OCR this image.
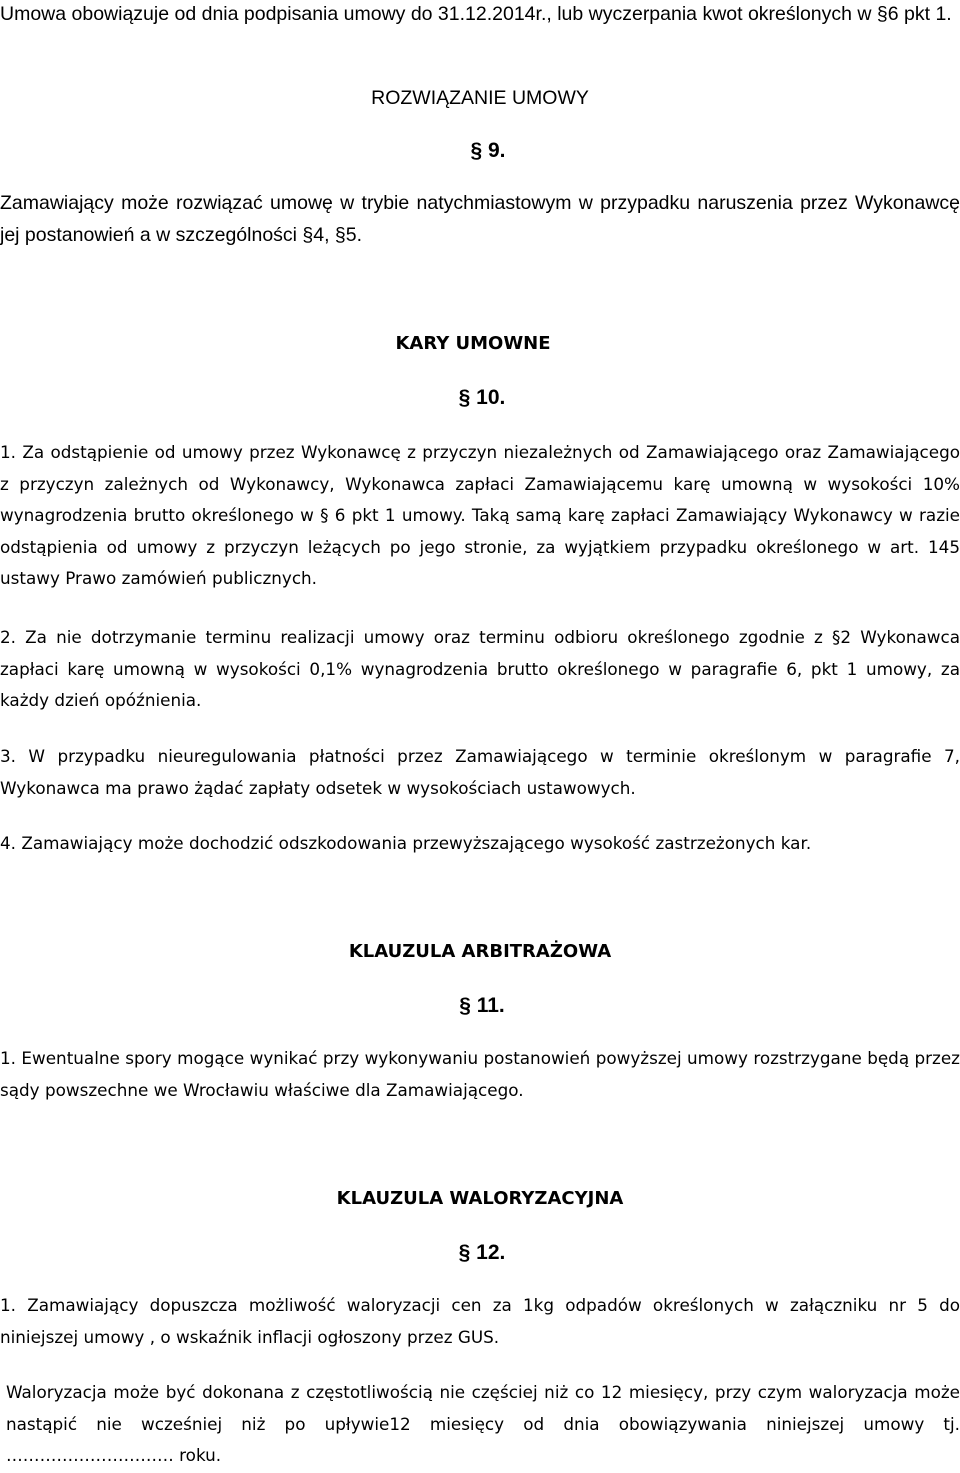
Umowa obowiązuje od dnia podpisania umowy do 31.12.2014r., lub wyczerpania kwot określonych w §6 pkt 1.

ROZWIĄZANIE UMOWY

§ 9.

Zamawiający może rozwiązać umowę w trybie natychmiastowym w przypadku naruszenia przez Wykonawcę jej postanowień a w szczególności §4, §5.

KARY UMOWNE

§ 10.

1. Za odstąpienie od umowy przez Wykonawcę z przyczyn niezależnych od Zamawiającego oraz Zamawiającego z przyczyn zależnych od Wykonawcy, Wykonawca zapłaci Zamawiającemu karę umowną w wysokości 10% wynagrodzenia brutto określonego w § 6 pkt 1 umowy. Taką samą karę zapłaci Zamawiający Wykonawcy w razie odstąpienia od umowy z przyczyn leżących po jego stronie, za wyjątkiem przypadku określonego w art. 145 ustawy Prawo zamówień publicznych.

2. Za nie dotrzymanie terminu realizacji umowy oraz terminu odbioru określonego zgodnie z §2 Wykonawca zapłaci karę umowną w wysokości 0,1% wynagrodzenia brutto określonego w paragrafie 6, pkt 1 umowy, za każdy dzień opóźnienia.

3. W przypadku nieuregulowania płatności przez Zamawiającego w terminie określonym w paragrafie 7, Wykonawca ma prawo żądać zapłaty odsetek w wysokościach ustawowych.

4. Zamawiający może dochodzić odszkodowania przewyższającego wysokość zastrzeżonych kar.

KLAUZULA ARBITRAŻOWA

§ 11.

1. Ewentualne spory mogące wynikać przy wykonywaniu postanowień powyższej umowy rozstrzygane będą przez sądy powszechne we Wrocławiu właściwe dla Zamawiającego.

KLAUZULA WALORYZACYJNA

§ 12.

1. Zamawiający dopuszcza możliwość waloryzacji cen za 1kg odpadów określonych w załączniku nr 5 do niniejszej umowy , o wskaźnik inflacji ogłoszony przez GUS.

Waloryzacja może być dokonana z częstotliwością nie częściej niż co 12 miesięcy, przy czym waloryzacja może nastąpić nie wcześniej niż po upływie12 miesięcy od dnia obowiązywania niniejszej umowy tj. ………………………… roku.
